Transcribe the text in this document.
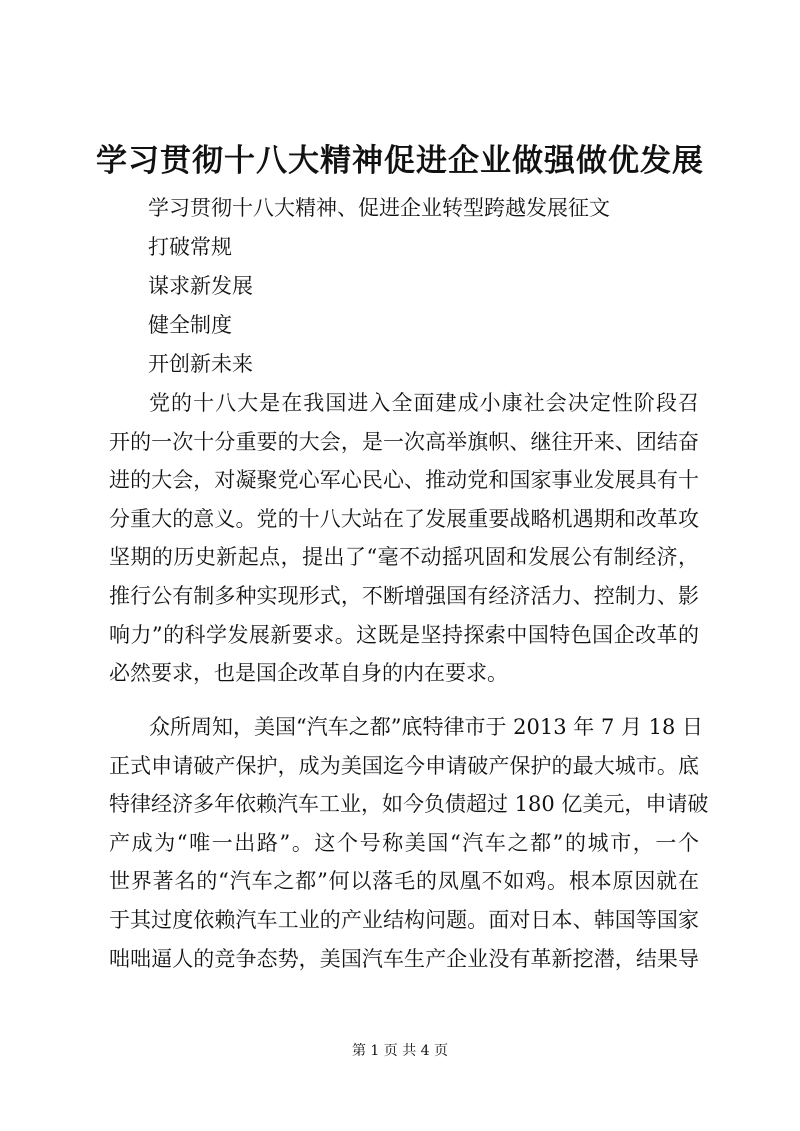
学习贯彻十八大精神促进企业做强做优发展

学习贯彻十八大精神、促进企业转型跨越发展征文

打破常规

谋求新发展

健全制度

开创新未来

党的十八大是在我国进入全面建成小康社会决定性阶段召
开的一次十分重要的大会，是一次高举旗帜、继往开来、团结奋
进的大会，对凝聚党心军心民心、推动党和国家事业发展具有十
分重大的意义。党的十八大站在了发展重要战略机遇期和改革攻
坚期的历史新起点，提出了“毫不动摇巩固和发展公有制经济，
推行公有制多种实现形式，不断增强国有经济活力、控制力、影
响力”的科学发展新要求。这既是坚持探索中国特色国企改革的
必然要求，也是国企改革自身的内在要求。
众所周知，美国“汽车之都”底特律市于 2013 年 7 月 18 日
正式申请破产保护，成为美国迄今申请破产保护的最大城市。底
特律经济多年依赖汽车工业，如今负债超过 180 亿美元，申请破
产成为“唯一出路”。这个号称美国“汽车之都”的城市，一个
世界著名的“汽车之都”何以落毛的凤凰不如鸡。根本原因就在
于其过度依赖汽车工业的产业结构问题。面对日本、韩国等国家
咄咄逼人的竞争态势，美国汽车生产企业没有革新挖潜，结果导

第 1 页 共 4 页
